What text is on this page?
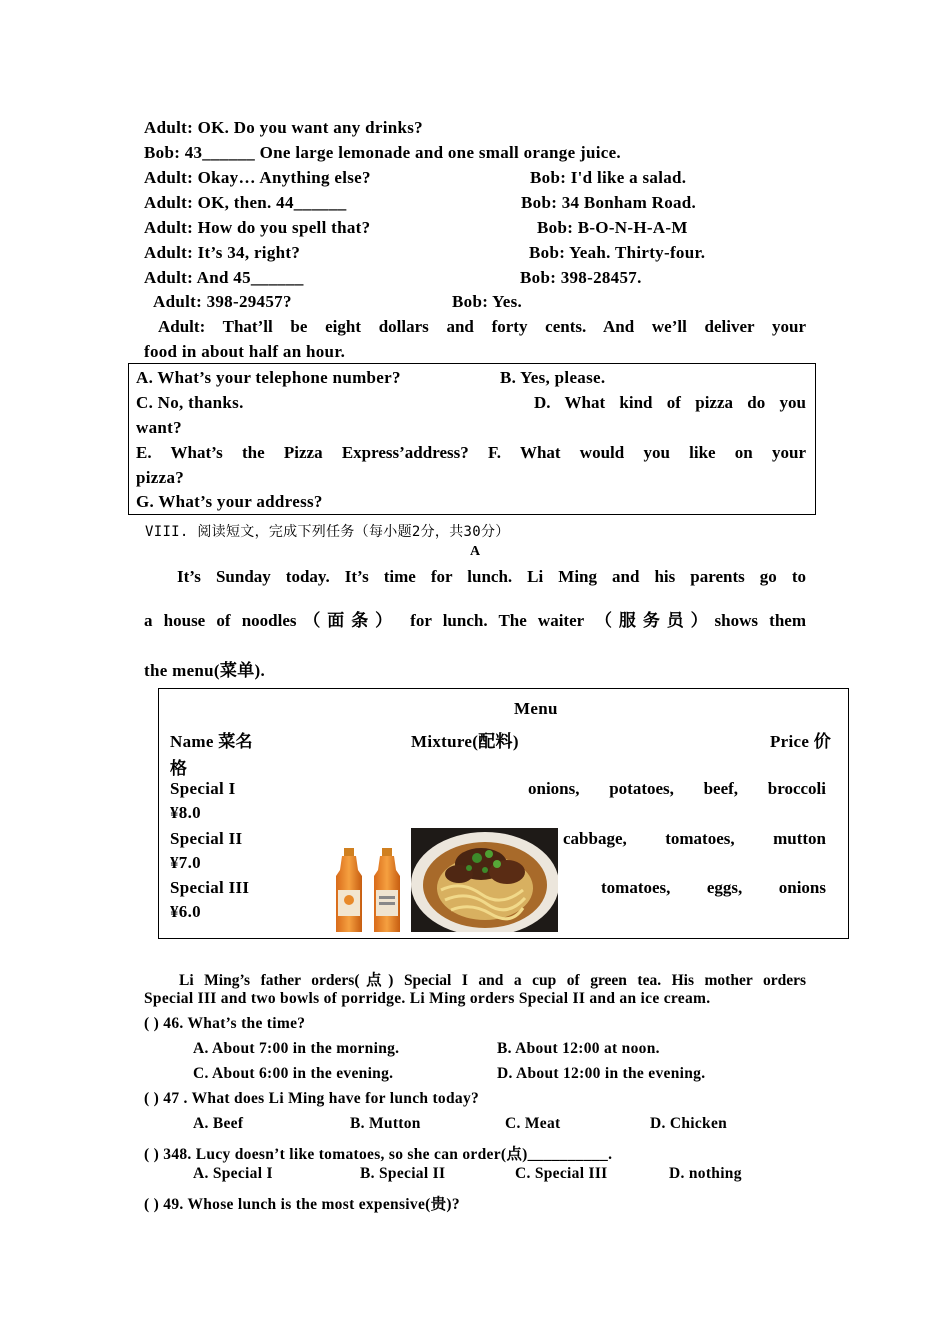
Adult: OK. Do you want any drinks?
Bob: 43______ One large lemonade and one small orange juice.
Adult: Okay… Anything else?	Bob: I'd like a salad.
Adult: OK, then. 44______	Bob: 34 Bonham Road.
Adult: How do you spell that?	Bob: B-O-N-H-A-M
Adult: It’s 34, right?	Bob: Yeah. Thirty-four.
Adult: And 45______	Bob: 398-28457.
Adult: 398-29457?	Bob: Yes.
Adult: That’ll be eight dollars and forty cents. And we’ll deliver your
food in about half an hour.
A. What’s your telephone number?	B. Yes, please.
C. No, thanks.	D. What kind of pizza do you
want?
E. What’s the Pizza Express’address? F. What would you like on your
pizza?
G. What’s your address?
VIII. 阅读短文，完成下列任务（每小题2分，共30分）
A
It’s Sunday today. It’s time for lunch. Li Ming and his parents go to
a house of noodles（面条） for lunch. The waiter （服务员）shows them
the menu(菜单).
Menu
Name 菜名	Mixture(配料)	Price 价
格
Special I	onions, potatoes, beef, broccoli
¥8.0
Special II	cabbage, tomatoes, mutton
¥7.0
Special III	tomatoes, eggs, onions
¥6.0
Li Ming’s father orders(点) Special I and a cup of green tea. His mother orders
Special III and two bowls of porridge. Li Ming orders Special II and an ice cream.
( ) 46. What’s the time?
A. About 7:00 in the morning.	B. About 12:00 at noon.
C. About 6:00 in the evening.	D. About 12:00 in the evening.
( ) 47 . What does Li Ming have for lunch today?
A. Beef	B. Mutton	C. Meat	D. Chicken
( ) 348. Lucy doesn’t like tomatoes, so she can order(点)__________.
A. Special I	B. Special II	C. Special III	D. nothing
( ) 49. Whose lunch is the most expensive(贵)?
